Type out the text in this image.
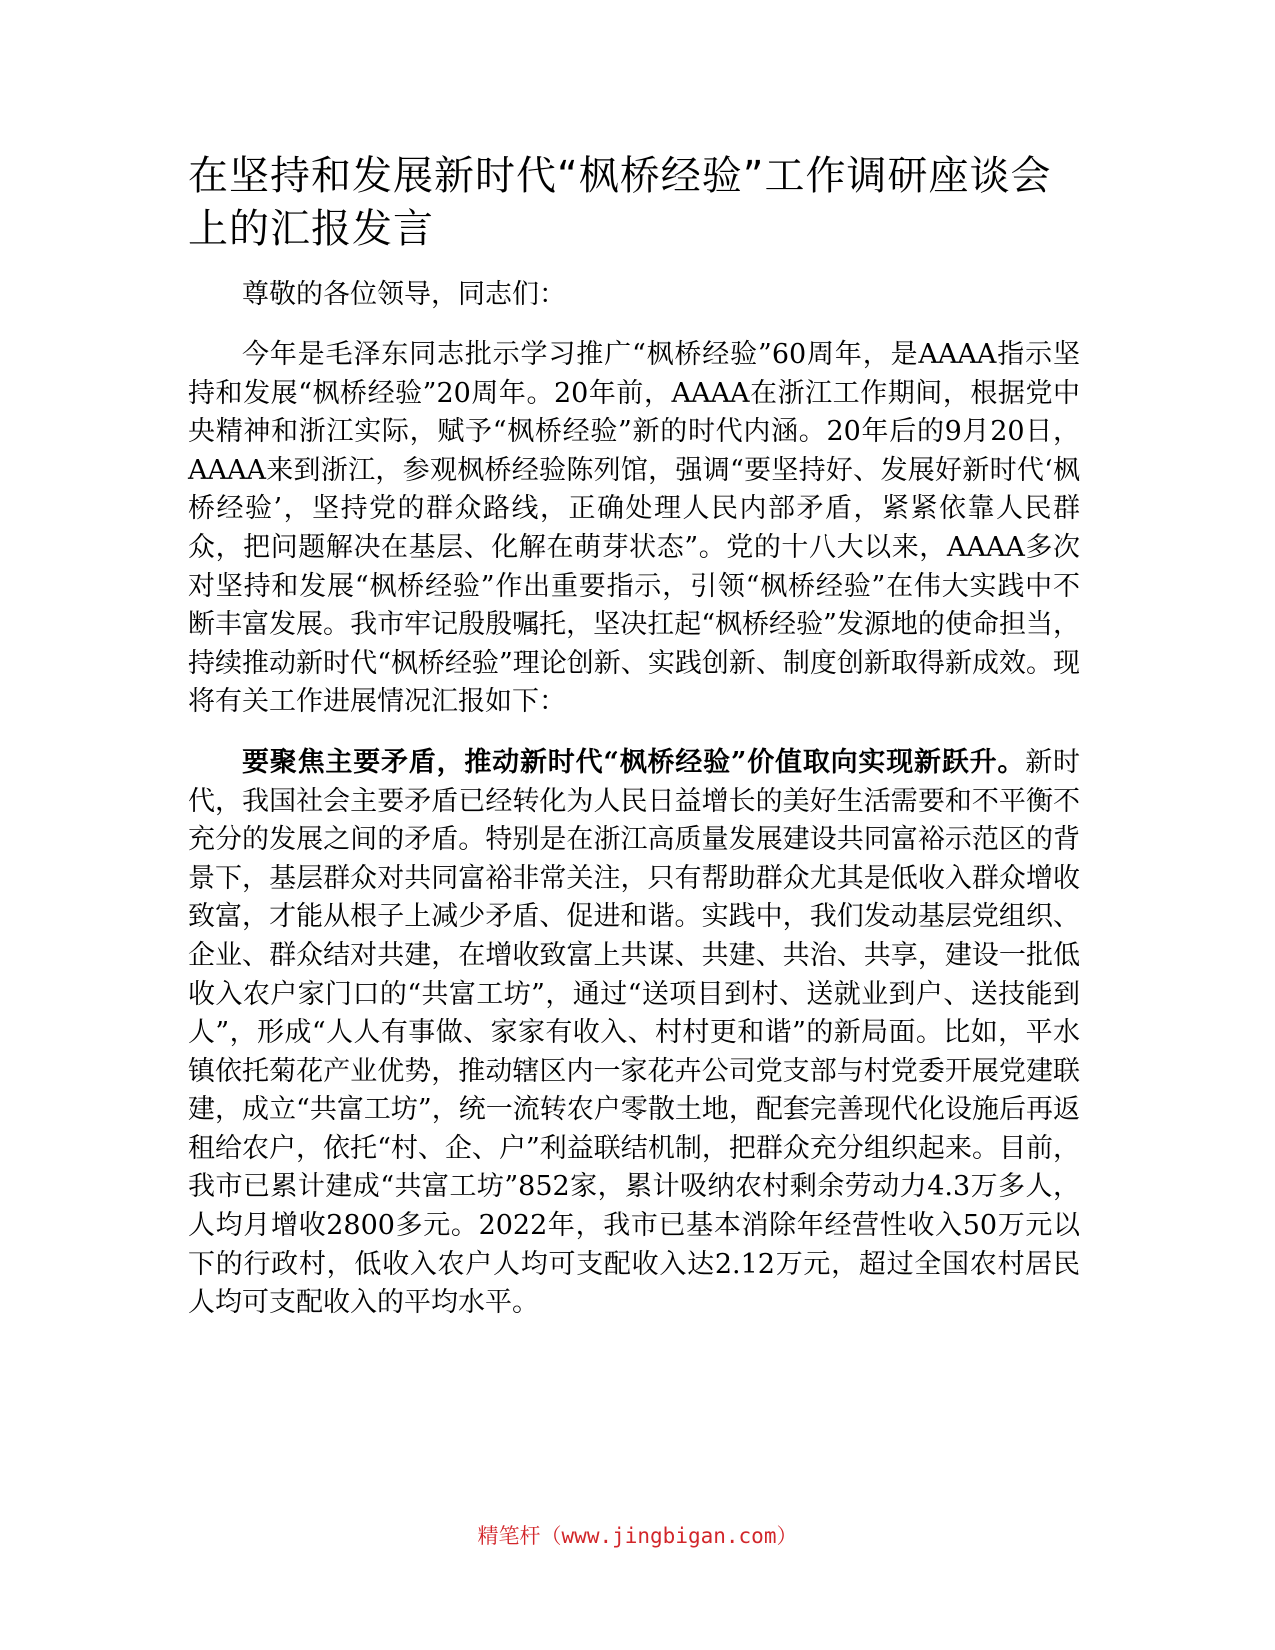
在坚持和发展新时代“枫桥经验”工作调研座谈会上的汇报发言

尊敬的各位领导，同志们：

今年是毛泽东同志批示学习推广“枫桥经验”60周年，是AAAA指示坚持和发展“枫桥经验”20周年。20年前，AAAA在浙江工作期间，根据党中央精神和浙江实际，赋予“枫桥经验”新的时代内涵。20年后的9月20日，AAAA来到浙江，参观枫桥经验陈列馆，强调“要坚持好、发展好新时代‘枫桥经验’，坚持党的群众路线，正确处理人民内部矛盾，紧紧依靠人民群众，把问题解决在基层、化解在萌芽状态”。党的十八大以来，AAAA多次对坚持和发展“枫桥经验”作出重要指示，引领“枫桥经验”在伟大实践中不断丰富发展。我市牢记殷殷嘱托，坚决扛起“枫桥经验”发源地的使命担当，持续推动新时代“枫桥经验”理论创新、实践创新、制度创新取得新成效。现将有关工作进展情况汇报如下：

要聚焦主要矛盾，推动新时代“枫桥经验”价值取向实现新跃升。新时代，我国社会主要矛盾已经转化为人民日益增长的美好生活需要和不平衡不充分的发展之间的矛盾。特别是在浙江高质量发展建设共同富裕示范区的背景下，基层群众对共同富裕非常关注，只有帮助群众尤其是低收入群众增收致富，才能从根子上减少矛盾、促进和谐。实践中，我们发动基层党组织、企业、群众结对共建，在增收致富上共谋、共建、共治、共享，建设一批低收入农户家门口的“共富工坊”，通过“送项目到村、送就业到户、送技能到人”，形成“人人有事做、家家有收入、村村更和谐”的新局面。比如，平水镇依托菊花产业优势，推动辖区内一家花卉公司党支部与村党委开展党建联建，成立“共富工坊”，统一流转农户零散土地，配套完善现代化设施后再返租给农户，依托“村、企、户”利益联结机制，把群众充分组织起来。目前，我市已累计建成“共富工坊”852家，累计吸纳农村剩余劳动力4.3万多人，人均月增收2800多元。2022年，我市已基本消除年经营性收入50万元以下的行政村，低收入农户人均可支配收入达2.12万元，超过全国农村居民人均可支配收入的平均水平。

精笔杆（www.jingbigan.com）
